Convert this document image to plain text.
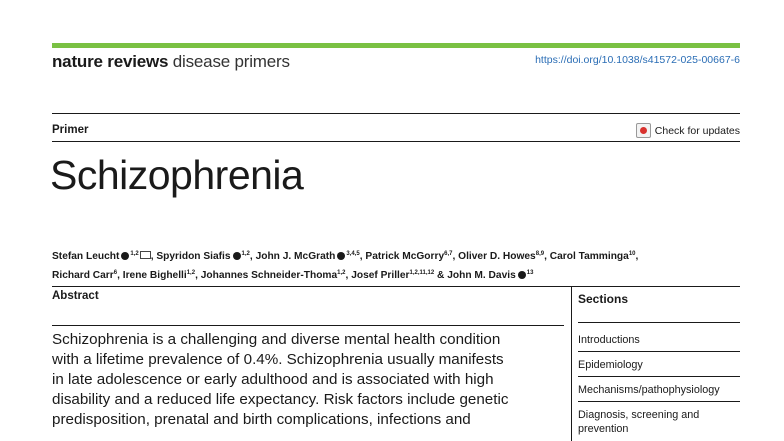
nature reviews disease primers	https://doi.org/10.1038/s41572-025-00667-6
Primer	Check for updates
Schizophrenia
Stefan Leucht $^{1,2}$ , Spyridon Siafis $^{1,2}$, John J. McGrath $^{3,4,5}$, Patrick McGorry$^{6,7}$, Oliver D. Howes$^{8,9}$, Carol Tamminga$^{10}$,
Richard Carr$^6$, Irene Bighelli$^{1,2}$, Johannes Schneider-Thoma$^{1,2}$, Josef Priller$^{1,2,11,12}$ & John M. Davis $^{13}$
Abstract
Schizophrenia is a challenging and diverse mental health condition
with a lifetime prevalence of 0.4%. Schizophrenia usually manifests
in late adolescence or early adulthood and is associated with high
disability and a reduced life expectancy. Risk factors include genetic
predisposition, prenatal and birth complications, infections and
Sections
Introductions
Epidemiology
Mechanisms/pathophysiology
Diagnosis, screening and
prevention
